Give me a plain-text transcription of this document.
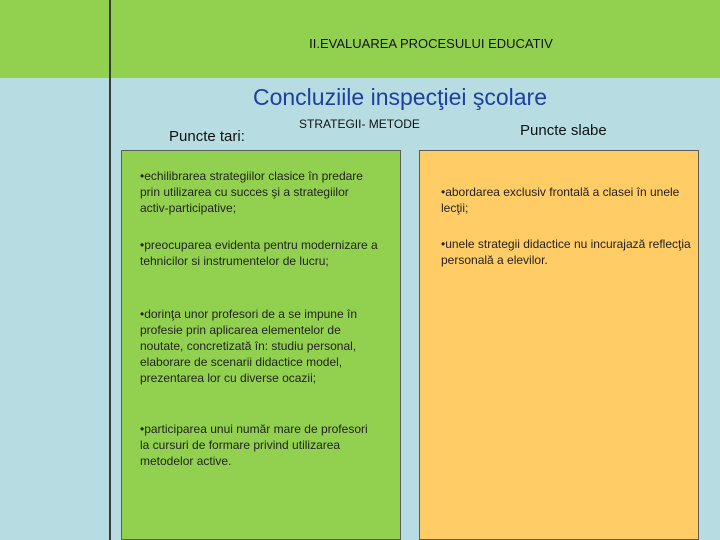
II.EVALUAREA PROCESULUI EDUCATIV
Concluziile inspecţiei şcolare
Puncte tari:
STRATEGII- METODE	Puncte slabe
•echilibrarea strategiilor clasice în predare prin utilizarea cu succes şi a strategiilor activ-participative;
•preocuparea evidenta pentru modernizare a tehnicilor si instrumentelor de lucru;
•dorinţa unor profesori de a se impune în profesie prin aplicarea elementelor de noutate, concretizată în: studiu personal, elaborare de scenarii didactice model, prezentarea lor cu diverse ocazii;
•participarea unui număr mare de profesori la cursuri de formare privind utilizarea metodelor active.
•abordarea exclusiv frontală a clasei în unele lecţii;
•unele strategii didactice nu incurajază reflecţia personală a elevilor.
